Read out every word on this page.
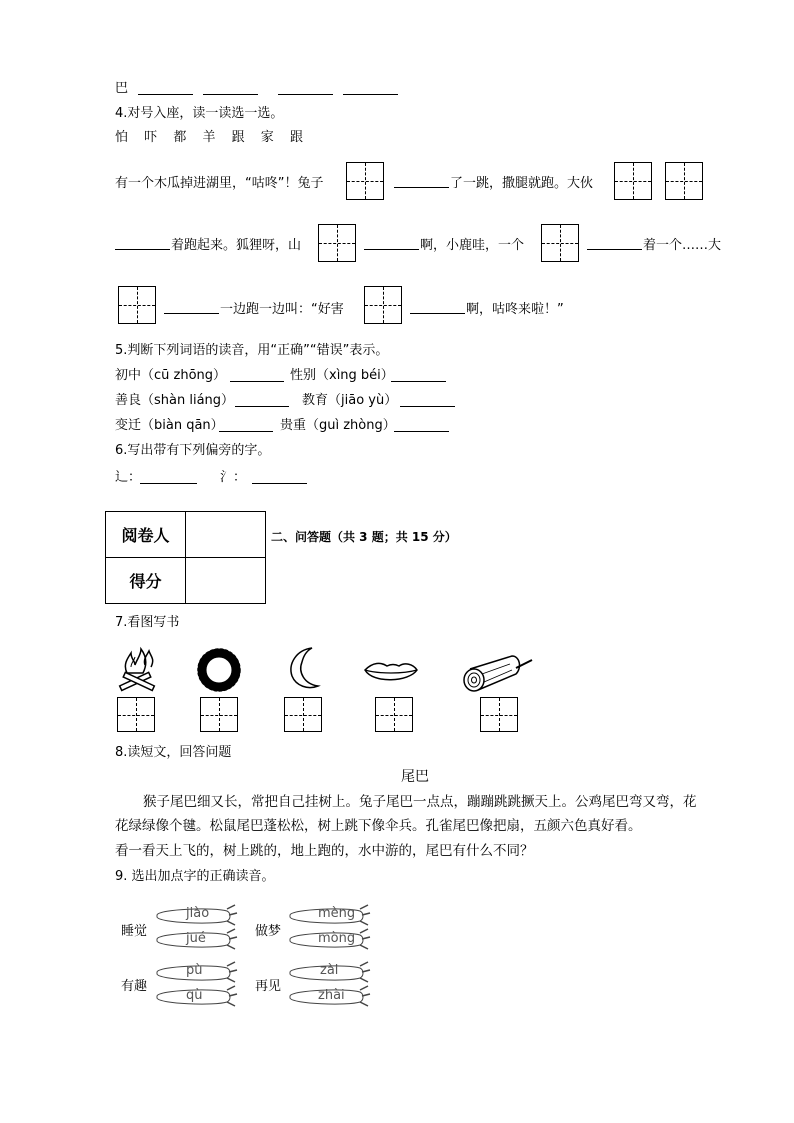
巴
4.对号入座，读一读选一选。
怕 吓 都 羊 跟 家 跟
有一个木瓜掉进湖里，“咕咚”！兔子	了一跳，撒腿就跑。大伙
着跑起来。狐狸呀，山	啊，小鹿哇，一个	着一个……大
一边跑一边叫：“好害	啊，咕咚来啦！”
5.判断下列词语的读音，用“正确”“错误”表示。
初中（cū zhōng）	性别（xìng béi）
善良（shàn liáng）	教育（jiāo yù）
变迁（biàn qān）	贵重（guì zhòng）
6.写出带有下列偏旁的字。
辶：	氵：
阅卷人	
得分	
二、问答题（共 3 题；共 15 分）
7.看图写书
8.读短文，回答问题
尾巴
猴子尾巴细又长，常把自己挂树上。兔子尾巴一点点，蹦蹦跳跳撅天上。公鸡尾巴弯又弯，花
花绿绿像个毽。松鼠尾巴蓬松松，树上跳下像伞兵。孔雀尾巴像把扇，五颜六色真好看。
看一看天上飞的，树上跳的，地上跑的，水中游的，尾巴有什么不同？
9. 选出加点字的正确读音。
睡觉
jiào
jué	做梦
mèng
mòng
有趣
pù
qù
再见
zài
zhài
